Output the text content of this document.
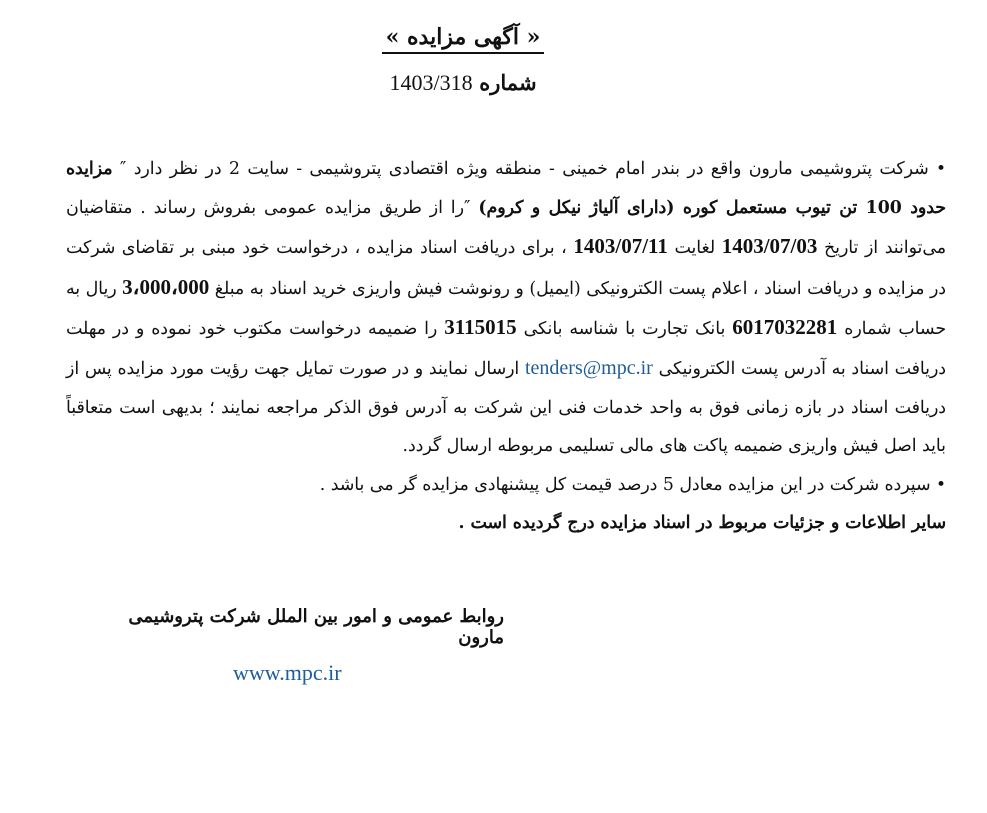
« آگهی مزایده »
شماره 1403/318

• شرکت پتروشیمی مارون واقع در بندر امام خمینی - منطقه ویژه اقتصادی پتروشیمی - سایت 2 در نظر دارد ″ مزایده حدود 100 تن تیوب مستعمل کوره (دارای آلیاژ نیکل و کروم) ″را از طریق مزایده عمومی بفروش رساند . متقاضیان می‌توانند از تاریخ 1403/07/03 لغایت 1403/07/11 ، برای دریافت اسناد مزایده ، درخواست خود مبنی بر تقاضای شرکت در مزایده و دریافت اسناد ، اعلام پست الکترونیکی (ایمیل) و رونوشت فیش واریزی خرید اسناد به مبلغ 3،000،000 ریال به حساب شماره 6017032281 بانک تجارت با شناسه بانکی 3115015 را ضمیمه درخواست مکتوب خود نموده و در مهلت دریافت اسناد به آدرس پست الکترونیکی tenders@mpc.ir ارسال نمایند و در صورت تمایل جهت رؤیت مورد مزایده پس از دریافت اسناد در بازه زمانی فوق به واحد خدمات فنی این شرکت به آدرس فوق الذکر مراجعه نمایند ؛ بدیهی است متعاقباً باید اصل فیش واریزی ضمیمه پاکت های مالی تسلیمی مربوطه ارسال گردد.

• سپرده شرکت در این مزایده معادل 5 درصد قیمت کل پیشنهادی مزایده گر می باشد .

سایر اطلاعات و جزئیات مربوط در اسناد مزایده درج گردیده است .

روابط عمومی و امور بین الملل شرکت پتروشیمی مارون
www.mpc.ir
